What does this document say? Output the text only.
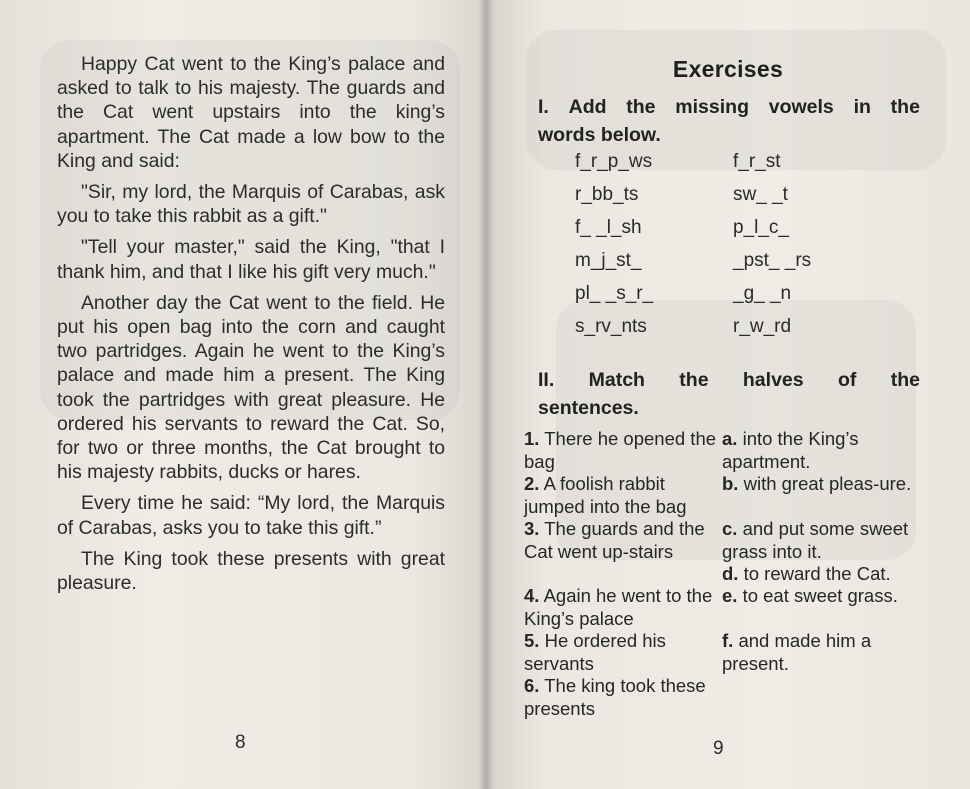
Happy Cat went to the King’s palace and asked to talk to his majesty. The guards and the Cat went upstairs into the king’s apartment. The Cat made a low bow to the King and said:

"Sir, my lord, the Marquis of Carabas, ask you to take this rabbit as a gift."

"Tell your master," said the King, "that I thank him, and that I like his gift very much."

Another day the Cat went to the field. He put his open bag into the corn and caught two partridges. Again he went to the King’s palace and made him a present. The King took the partridges with great pleasure. He ordered his servants to reward the Cat. So, for two or three months, the Cat brought to his majesty rabbits, ducks or hares.

Every time he said: “My lord, the Marquis of Carabas, asks you to take this gift.”

The King took these presents with great pleasure.

8
Exercises
I. Add the missing vowels in the
words below.
f_r_p_ws
r_bb_ts
f_ _l_sh
m_j_st_
pl_ _s_r_
s_rv_nts
f_r_st
sw_ _t
p_l_c_
_pst_ _rs
_g_ _n
r_w_rd
II. Match the halves of the
sentences.
1. There he opened the bag
2. A foolish rabbit jumped into the bag
3. The guards and the Cat went up-stairs
4. Again he went to the King’s palace
5. He ordered his servants
6. The king took these presents
a. into the King’s apartment.
b. with great pleas-ure.
c. and put some sweet grass into it.
d. to reward the Cat.
e. to eat sweet grass.
f. and made him a present.
9
